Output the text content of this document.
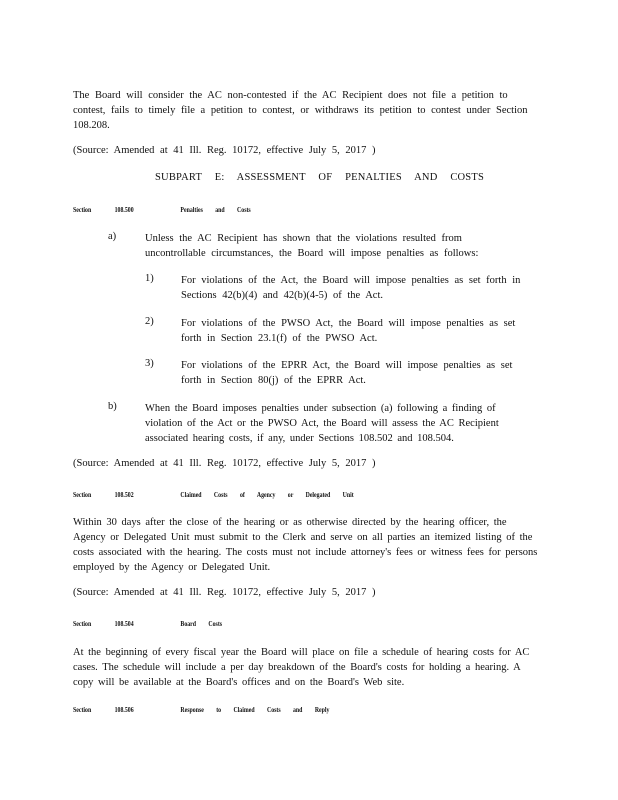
The Board will consider the AC non-contested if the AC Recipient does not file a petition to contest, fails to timely file a petition to contest, or withdraws its petition to contest under Section 108.208.

(Source: Amended at 41 Ill. Reg. 10172, effective July 5, 2017 )

SUBPART E: ASSESSMENT OF PENALTIES AND COSTS

Section	108.500	Penalties and Costs

a)	Unless the AC Recipient has shown that the violations resulted from uncontrollable circumstances, the Board will impose penalties as follows:

1)	For violations of the Act, the Board will impose penalties as set forth in Sections 42(b)(4) and 42(b)(4-5) of the Act.

2)	For violations of the PWSO Act, the Board will impose penalties as set forth in Section 23.1(f) of the PWSO Act.

3)	For violations of the EPRR Act, the Board will impose penalties as set forth in Section 80(j) of the EPRR Act.

b)	When the Board imposes penalties under subsection (a) following a finding of violation of the Act or the PWSO Act, the Board will assess the AC Recipient associated hearing costs, if any, under Sections 108.502 and 108.504.

(Source: Amended at 41 Ill. Reg. 10172, effective July 5, 2017 )

Section	108.502	Claimed Costs of Agency or Delegated Unit

Within 30 days after the close of the hearing or as otherwise directed by the hearing officer, the Agency or Delegated Unit must submit to the Clerk and serve on all parties an itemized listing of the costs associated with the hearing. The costs must not include attorney's fees or witness fees for persons employed by the Agency or Delegated Unit.

(Source: Amended at 41 Ill. Reg. 10172, effective July 5, 2017 )

Section	108.504	Board Costs

At the beginning of every fiscal year the Board will place on file a schedule of hearing costs for AC cases. The schedule will include a per day breakdown of the Board's costs for holding a hearing. A copy will be available at the Board's offices and on the Board's Web site.

Section	108.506	Response to Claimed Costs and Reply
